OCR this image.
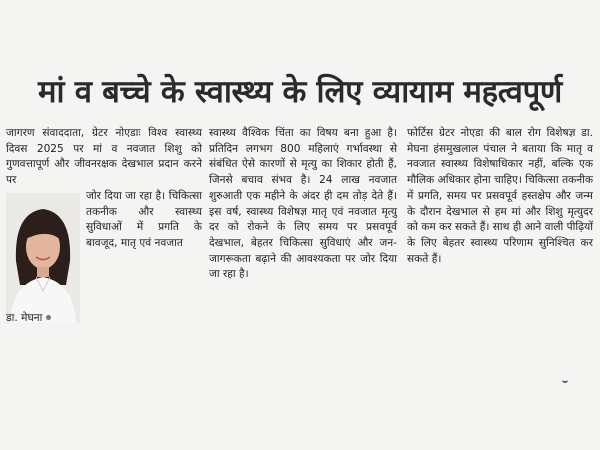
मां व बच्चे के स्वास्थ्य के लिए व्यायाम महत्वपूर्ण

जागरण संवाददाता, ग्रेटर नोएडाः विश्व स्वास्थ्य दिवस 2025 पर मां व नवजात शिशु को गुणवत्तापूर्ण और जीवनरक्षक देखभाल प्रदान करने पर

जोर दिया जा रहा है। चिकित्सा तकनीक और स्वास्थ्य सुविधाओं में प्रगति के बावजूद, मातृ एवं नवजात

डा. मेघना

स्वास्थ्य वैश्विक चिंता का विषय बना हुआ है। प्रतिदिन लगभग 800 महिलाएं गर्भावस्था से संबंधित ऐसे कारणों से मृत्यु का शिकार होती हैं, जिनसे बचाव संभव है। 24 लाख नवजात शुरुआती एक महीने के अंदर ही दम तोड़ देते हैं। इस वर्ष, स्वास्थ्य विशेषज्ञ मातृ एवं नवजात मृत्यु दर को रोकने के लिए समय पर प्रसवपूर्व देखभाल, बेहतर चिकित्सा सुविधाएं और जन-जागरूकता बढ़ाने की आवश्यकता पर जोर दिया जा रहा है।

फोर्टिस ग्रेटर नोएडा की बाल रोग विशेषज्ञ डा. मेघना हंसमुखलाल पंचाल ने बताया कि मातृ व नवजात स्वास्थ्य विशेषाधिकार नहीं, बल्कि एक मौलिक अधिकार होना चाहिए। चिकित्सा तकनीक में प्रगति, समय पर प्रसवपूर्व हस्तक्षेप और जन्म के दौरान देखभाल से हम मां और शिशु मृत्युदर को कम कर सकते हैं। साथ ही आने वाली पीढ़ियों के लिए बेहतर स्वास्थ्य परिणाम सुनिश्चित कर सकते हैं।
